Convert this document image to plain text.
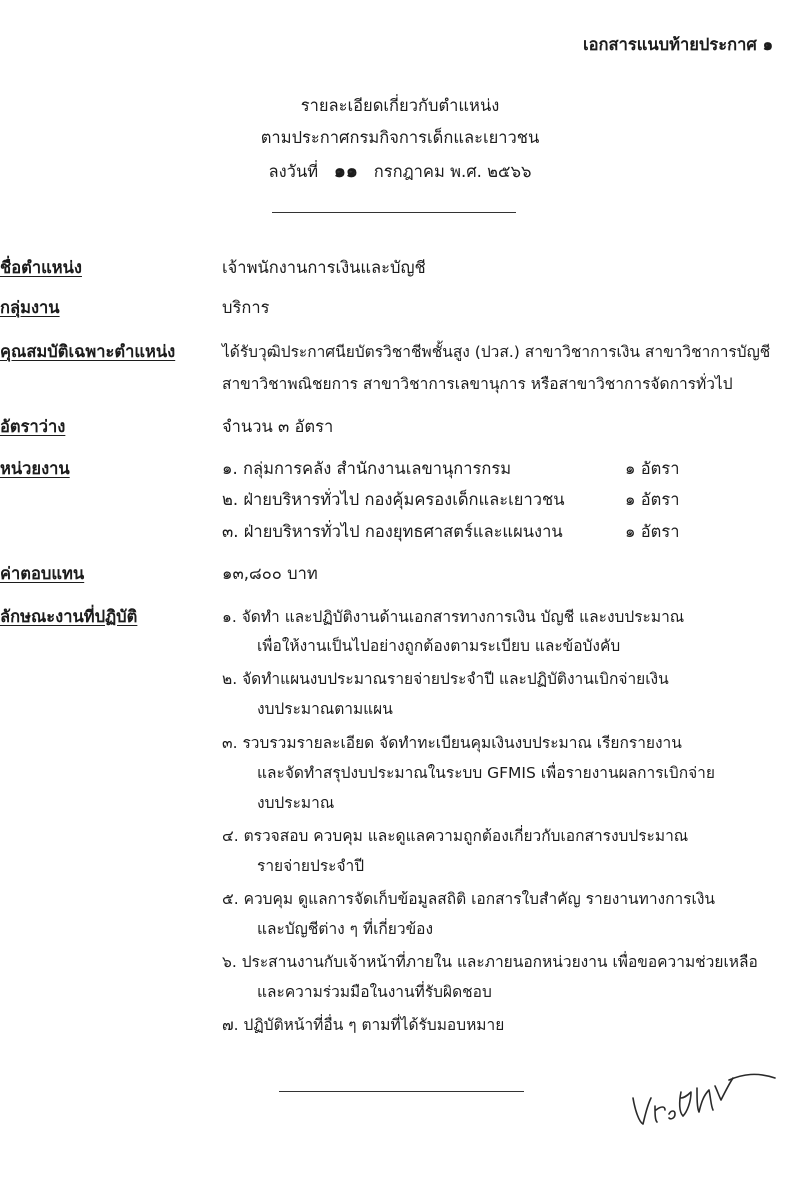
เอกสารแนบท้ายประกาศ ๑
รายละเอียดเกี่ยวกับตำแหน่ง
ตามประกาศกรมกิจการเด็กและเยาวชน
ลงวันที่ ๑๑ กรกฎาคม พ.ศ. ๒๕๖๖
ชื่อตำแหน่ง	เจ้าพนักงานการเงินและบัญชี
กลุ่มงาน	บริการ
คุณสมบัติเฉพาะตำแหน่ง	ได้รับวุฒิประกาศนียบัตรวิชาชีพชั้นสูง (ปวส.) สาขาวิชาการเงิน สาขาวิชาการบัญชี
สาขาวิชาพณิชยการ สาขาวิชาการเลขานุการ หรือสาขาวิชาการจัดการทั่วไป
อัตราว่าง	จำนวน ๓ อัตรา
หน่วยงาน	๑. กลุ่มการคลัง สำนักงานเลขานุการกรม	๑ อัตรา
๒. ฝ่ายบริหารทั่วไป กองคุ้มครองเด็กและเยาวชน	๑ อัตรา
๓. ฝ่ายบริหารทั่วไป กองยุทธศาสตร์และแผนงาน	๑ อัตรา
ค่าตอบแทน	๑๓,๘๐๐ บาท
ลักษณะงานที่ปฏิบัติ	๑. จัดทำ และปฏิบัติงานด้านเอกสารทางการเงิน บัญชี และงบประมาณ
เพื่อให้งานเป็นไปอย่างถูกต้องตามระเบียบ และข้อบังคับ
๒. จัดทำแผนงบประมาณรายจ่ายประจำปี และปฏิบัติงานเบิกจ่ายเงิน
งบประมาณตามแผน
๓. รวบรวมรายละเอียด จัดทำทะเบียนคุมเงินงบประมาณ เรียกรายงาน
และจัดทำสรุปงบประมาณในระบบ GFMIS เพื่อรายงานผลการเบิกจ่าย
งบประมาณ
๔. ตรวจสอบ ควบคุม และดูแลความถูกต้องเกี่ยวกับเอกสารงบประมาณ
รายจ่ายประจำปี
๕. ควบคุม ดูแลการจัดเก็บข้อมูลสถิติ เอกสารใบสำคัญ รายงานทางการเงิน
และบัญชีต่าง ๆ ที่เกี่ยวข้อง
๖. ประสานงานกับเจ้าหน้าที่ภายใน และภายนอกหน่วยงาน เพื่อขอความช่วยเหลือ
และความร่วมมือในงานที่รับผิดชอบ
๗. ปฏิบัติหน้าที่อื่น ๆ ตามที่ได้รับมอบหมาย
